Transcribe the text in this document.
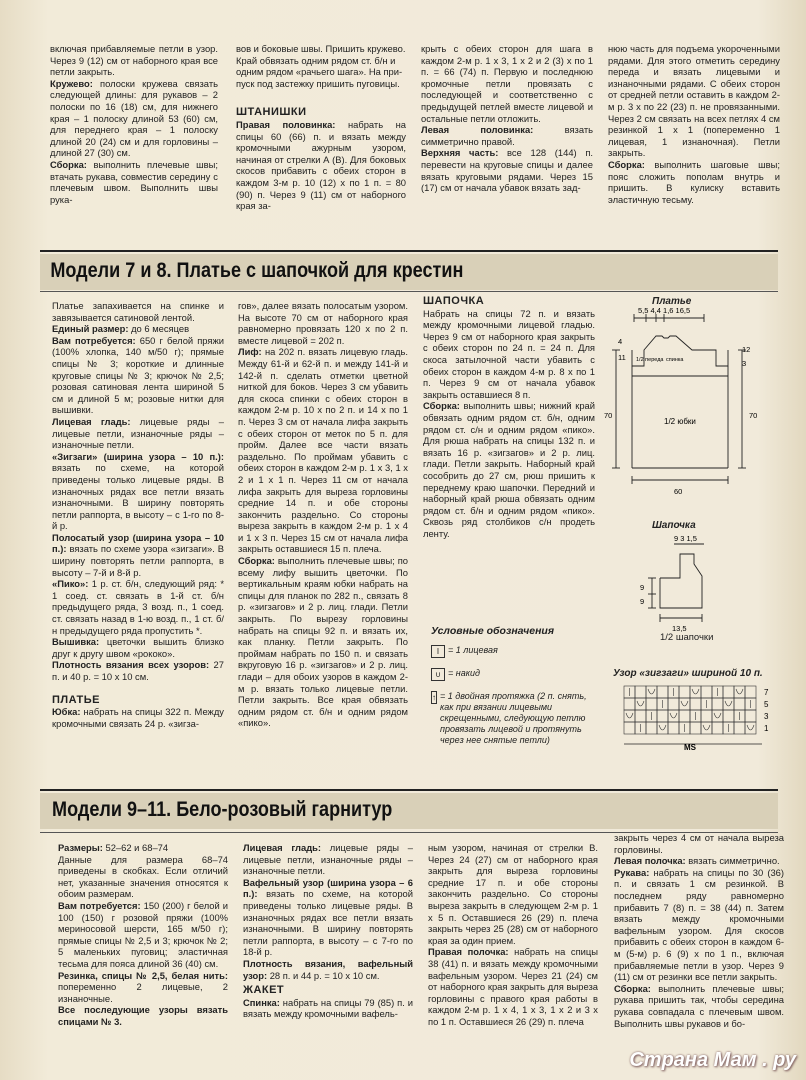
включая прибавляемые петли в узор. Через 9 (12) см от наборного края все петли закрыть.

Кружево: полоски кружева связать следующей длины: для рукавов – 2 полоски по 16 (18) см, для нижнего края – 1 полоску длиной 53 (60) см, для переднего края – 1 полоску длиной 20 (24) см и для горловины – длиной 27 (30) см.

Сборка: выполнить плечевые швы; втачать рукава, совместив середину с плечевым швом. Выполнить швы рука-

вов и боковые швы. Пришить кружево. Край обвязать одним рядом ст. б/н и одним рядом «рачьего шага». На при-пуск под застежку пришить пуговицы.

ШТАНИШКИ

Правая половинка: набрать на спицы 60 (66) п. и вязать между кромочными ажурным узором, начиная от стрелки А (В). Для боковых скосов прибавить с обеих сторон в каждом 3-м р. 10 (12) x по 1 п. = 80 (90) п. Через 9 (11) см от наборного края за-

крыть с обеих сторон для шага в каждом 2-м р. 1 x 3, 1 x 2 и 2 (3) x по 1 п. = 66 (74) п. Первую и последнюю кромочные петли провязать с последующей и соответственно с предыдущей петлей вместе лицевой и остальные петли отложить.

Левая половинка: вязать симметрично правой.

Верхняя часть: все 128 (144) п. перевести на круговые спицы и далее вязать круговыми рядами. Через 15 (17) см от начала убавок вязать зад-

нюю часть для подъема укороченными рядами. Для этого отметить середину переда и вязать лицевыми и изнаночными рядами. С обеих сторон от средней петли оставить в каждом 2-м р. 3 x по 22 (23) п. не провязанными. Через 2 см связать на всех петлях 4 см резинкой 1 x 1 (попеременно 1 лицевая, 1 изнаночная). Петли закрыть.

Сборка: выполнить шаговые швы; пояс сложить пополам внутрь и пришить. В кулиску вставить эластичную тесьму.

Модели 7 и 8. Платье с шапочкой для крестин

Платье запахивается на спинке и завязывается сатиновой лентой.

Единый размер: до 6 месяцев

Вам потребуется: 650 г белой пряжи (100% хлопка, 140 м/50 г); прямые спицы № 3; короткие и длинные круговые спицы № 3; крючок № 2,5; розовая сатиновая лента шириной 5 см и длиной 5 м; розовые нитки для вышивки.

Лицевая гладь: лицевые ряды – лицевые петли, изнаночные ряды – изнаночные петли.

«Зигзаги» (ширина узора – 10 п.): вязать по схеме, на которой приведены только лицевые ряды. В изнаночных рядах все петли вязать изнаночными. В ширину повторять петли раппорта, в высоту – с 1-го по 8-й р.

Полосатый узор (ширина узора – 10 п.): вязать по схеме узора «зигзаги». В ширину повторять петли раппорта, в высоту – 7-й и 8-й р.

«Пико»: 1 р. ст. б/н, следующий ряд: * 1 соед. ст. связать в 1-й ст. б/н предыдущего ряда, 3 возд. п., 1 соед. ст. связать назад в 1-ю возд. п., 1 ст. б/н предыдущего ряда пропустить *.

Вышивка: цветочки вышить близко друг к другу швом «рококо».

Плотность вязания всех узоров: 27 п. и 40 р. = 10 x 10 см.

ПЛАТЬЕ

Юбка: набрать на спицы 322 п. Между кромочными связать 24 р. «зигза-

гов», далее вязать полосатым узором. На высоте 70 см от наборного края равномерно провязать 120 x по 2 п. вместе лицевой = 202 п.

Лиф: на 202 п. вязать лицевую гладь. Между 61-й и 62-й п. и между 141-й и 142-й п. сделать отметки цветной ниткой для боков. Через 3 см убавить для скоса спинки с обеих сторон в каждом 2-м р. 10 x по 2 п. и 14 x по 1 п. Через 3 см от начала лифа закрыть с обеих сторон от меток по 5 п. для пройм. Далее все части вязать раздельно. По проймам убавить с обеих сторон в каждом 2-м р. 1 x 3, 1 x 2 и 1 x 1 п. Через 11 см от начала лифа закрыть для выреза горловины средние 14 п. и обе стороны закончить раздельно. Со стороны выреза закрыть в каждом 2-м р. 1 x 4 и 1 x 3 п. Через 15 см от начала лифа закрыть оставшиеся 15 п. плеча.

Сборка: выполнить плечевые швы; по всему лифу вышить цветочки. По вертикальным краям юбки набрать на спицы для планок по 282 п., связать 8 р. «зигзагов» и 2 р. лиц. глади. Петли закрыть. По вырезу горловины набрать на спицы 92 п. и вязать их, как планку. Петли закрыть. По проймам набрать по 150 п. и связать вкруговую 16 р. «зигзагов» и 2 р. лиц. глади – для обоих узоров в каждом 2-м р. вязать только лицевые петли. Петли закрыть. Все края обвязать одним рядом ст. б/н и одним рядом «пико».

ШАПОЧКА

Набрать на спицы 72 п. и вязать между кромочными лицевой гладью. Через 9 см от наборного края закрыть с обеих сторон по 24 п. = 24 п. Для скоса затылочной части убавить с обеих сторон в каждом 4-м р. 8 x по 1 п. Через 9 см от начала убавок закрыть оставшиеся 8 п.

Сборка: выполнить швы; нижний край обвязать одним рядом ст. б/н, одним рядом ст. с/н и одним рядом «пико». Для рюша набрать на спицы 132 п. и вязать 16 р. «зигзагов» и 2 р. лиц. глади. Петли закрыть. Наборный край сособрить до 27 см, рюш пришить к переднему краю шапочки. Передний и наборный край рюша обвязать одним рядом ст. б/н и одним рядом «пико». Сквозь ряд столбиков с/н продеть ленту.

Условные обозначения
I = 1 лицевая
∪ = накид
↑ = 1 двойная протяжка (2 п. снять, как при вязании лицевыми скрещенными, следующую петлю провязать лицевой и протянуть через нее снятые петли)
Платье
5,5 4,4 1,6 16,5
4
11
12
3
1/2 переда спинка
70	70
1/2 юбки
60
Шапочка
9 3 1,5
9
9
13,5
1/2 шапочки
Узор «зигзаги» шириной 10 п.
7
5
3
1
MS
Модели 9–11. Бело-розовый гарнитур

Размеры: 52–62 и 68–74

Данные для размера 68–74 приведены в скобках. Если отличий нет, указанные значения относятся к обоим размерам.

Вам потребуется: 150 (200) г белой и 100 (150) г розовой пряжи (100% мериносовой шерсти, 165 м/50 г); прямые спицы № 2,5 и 3; крючок № 2; 5 маленьких пуговиц; эластичная тесьма для пояса длиной 36 (40) см.

Резинка, спицы № 2,5, белая нить: попеременно 2 лицевые, 2 изнаночные.

Все последующие узоры вязать спицами № 3.

Лицевая гладь: лицевые ряды – лицевые петли, изнаночные ряды – изнаночные петли.

Вафельный узор (ширина узора – 6 п.): вязать по схеме, на которой приведены только лицевые ряды. В изнаночных рядах все петли вязать изнаночными. В ширину повторять петли раппорта, в высоту – с 7-го по 18-й р.

Плотность вязания, вафельный узор: 28 п. и 44 р. = 10 x 10 см.

ЖАКЕТ

Спинка: набрать на спицы 79 (85) п. и вязать между кромочными вафель-

ным узором, начиная от стрелки В. Через 24 (27) см от наборного края закрыть для выреза горловины средние 17 п. и обе стороны закончить раздельно. Со стороны выреза закрыть в следующем 2-м р. 1 x 5 п. Оставшиеся 26 (29) п. плеча закрыть через 25 (28) см от наборного края за один прием.

Правая полочка: набрать на спицы 38 (41) п. и вязать между кромочными вафельным узором. Через 21 (24) см от наборного края закрыть для выреза горловины с правого края работы в каждом 2-м р. 1 x 4, 1 x 3, 1 x 2 и 3 x по 1 п. Оставшиеся 26 (29) п. плеча

закрыть через 4 см от начала выреза горловины.

Левая полочка: вязать симметрично.

Рукава: набрать на спицы по 30 (36) п. и связать 1 см резинкой. В последнем ряду равномерно прибавить 7 (8) п. = 38 (44) п. Затем вязать между кромочными вафельным узором. Для скосов прибавить с обеих сторон в каждом 6-м (5-м) р. 6 (9) x по 1 п., включая прибавляемые петли в узор. Через 9 (11) см от резинки все петли закрыть.

Сборка: выполнить плечевые швы; рукава пришить так, чтобы середина рукава совпадала с плечевым швом. Выполнить швы рукавов и бо-

Страна Мам . ру
